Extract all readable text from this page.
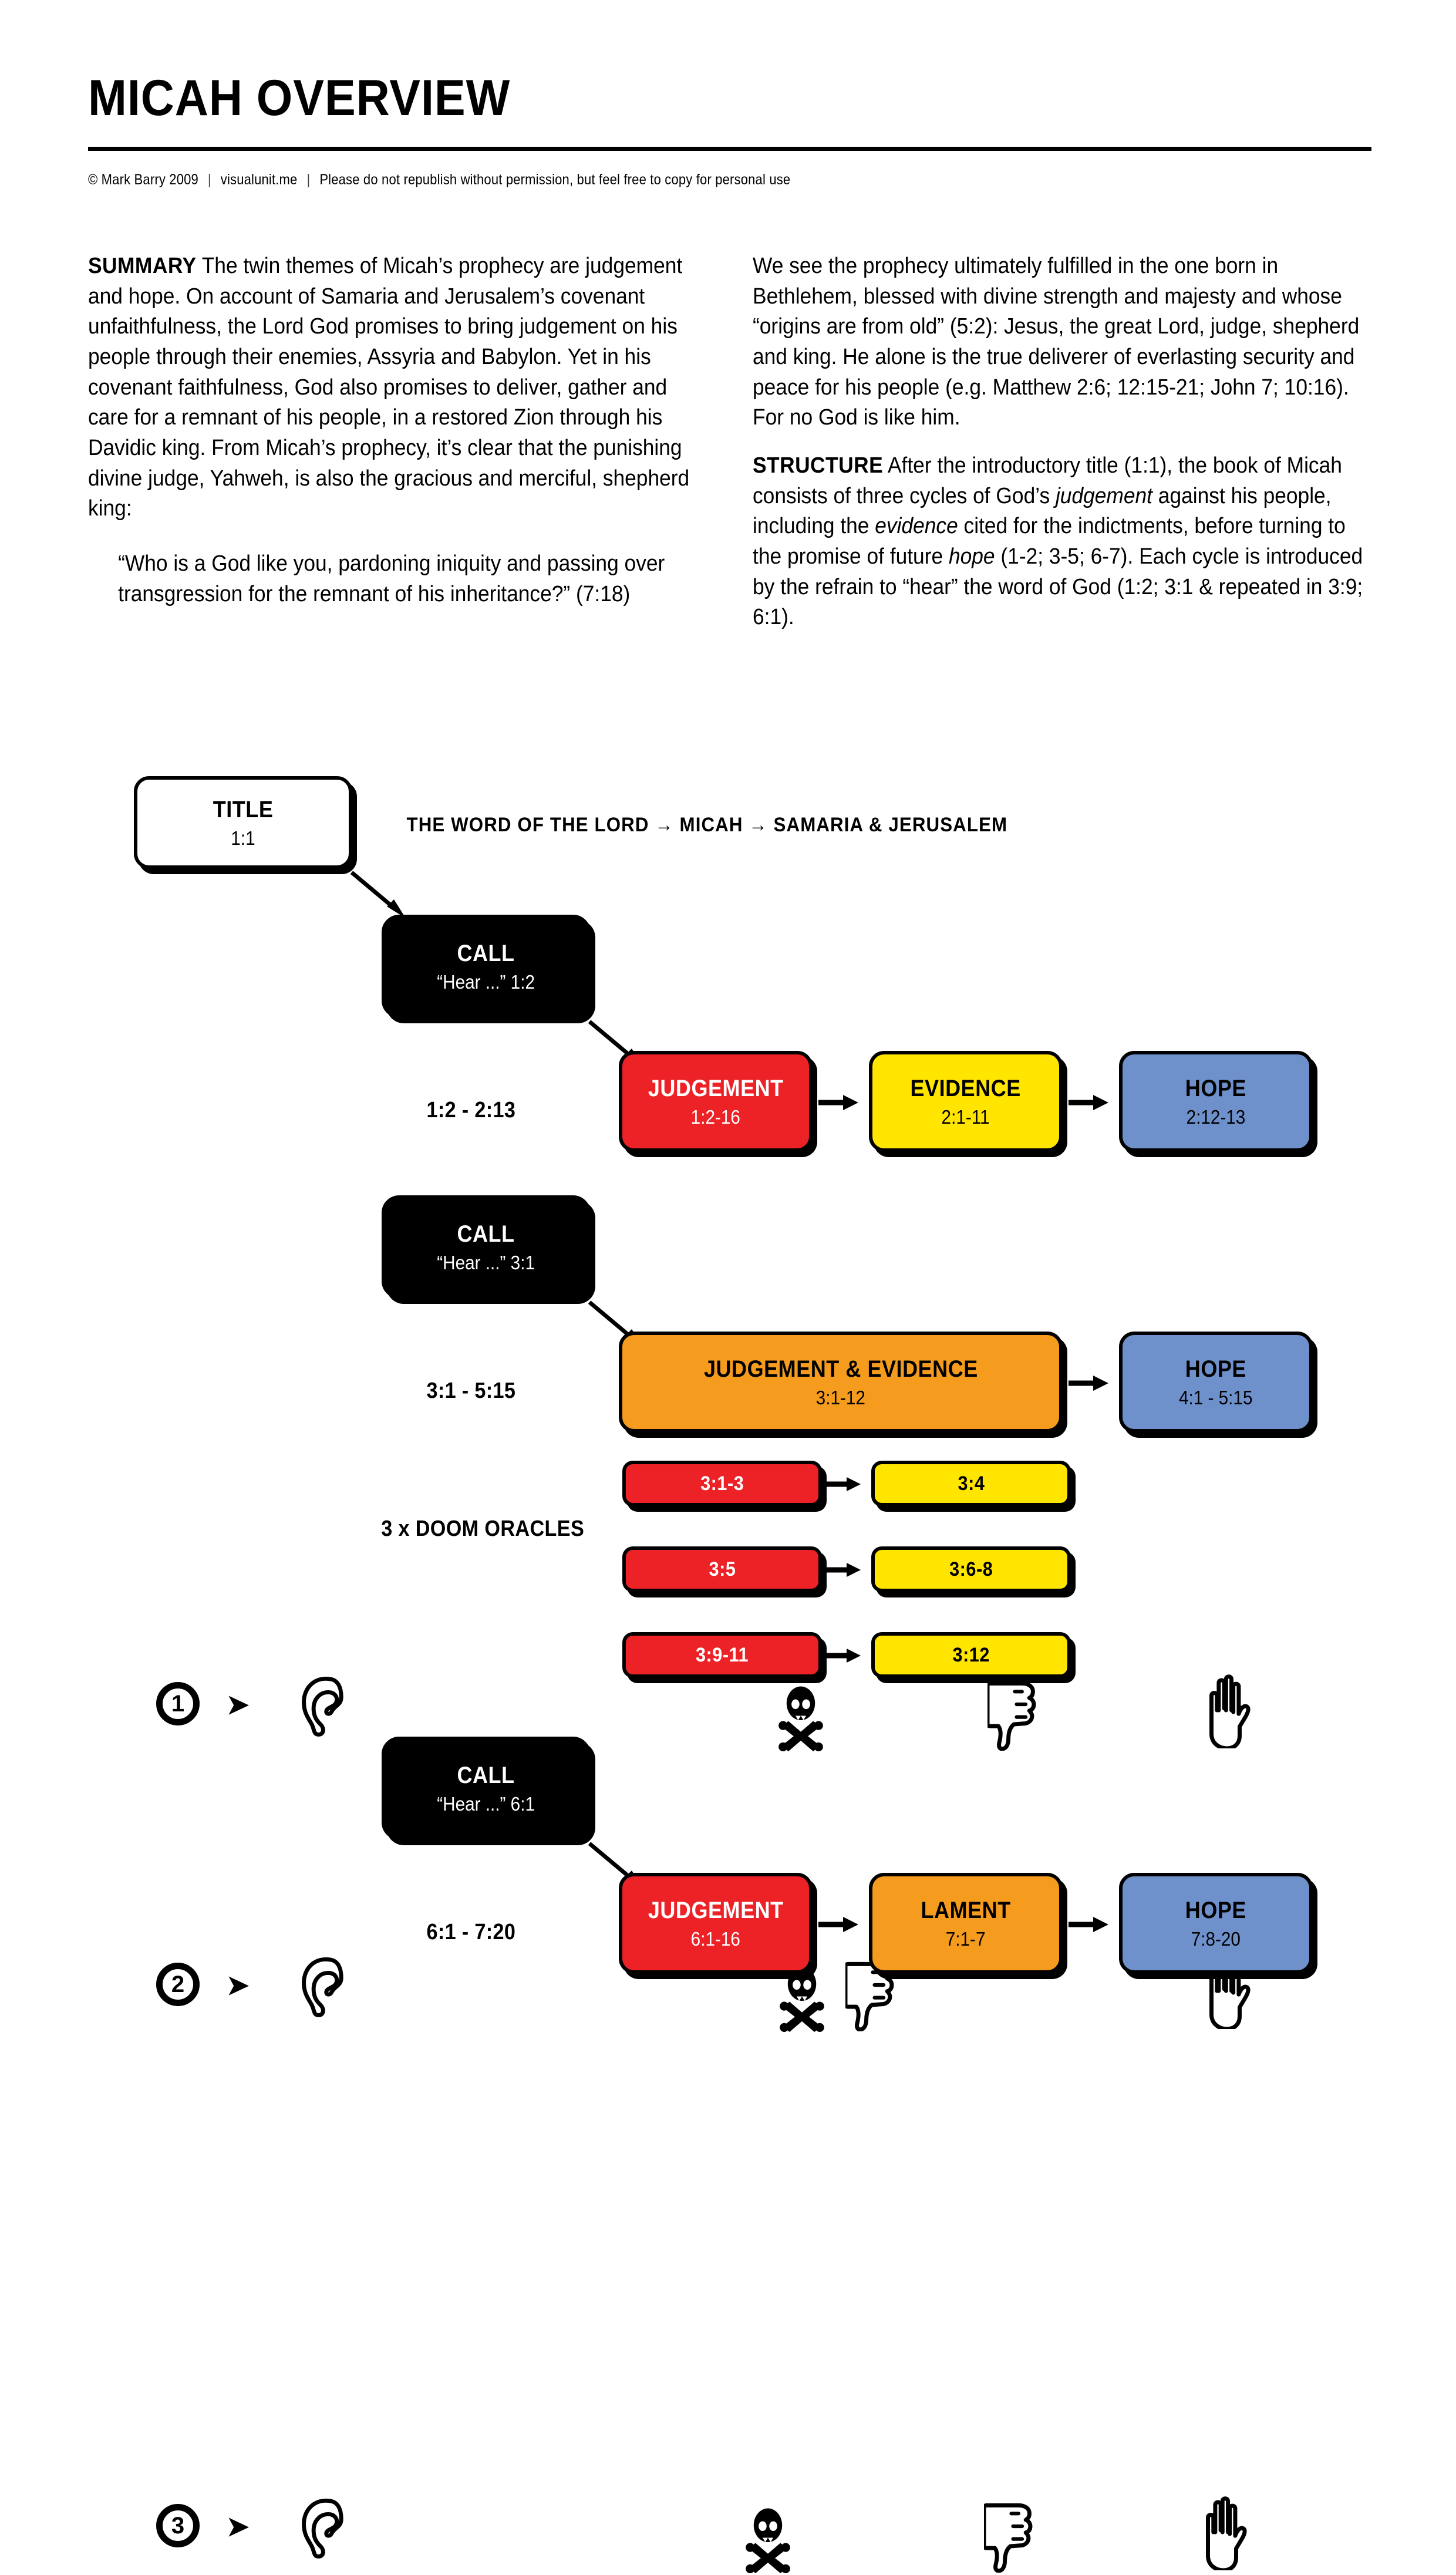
MICAH OVERVIEW
© Mark Barry 2009 | visualunit.me | Please do not republish without permission, but feel free to copy for personal use

SUMMARY The twin themes of Micah’s prophecy are judgement and hope. On account of Samaria and Jerusalem’s covenant unfaithfulness, the Lord God promises to bring judgement on his people through their enemies, Assyria and Babylon. Yet in his covenant faithfulness, God also promises to deliver, gather and care for a remnant of his people, in a restored Zion through his Davidic king. From Micah’s prophecy, it’s clear that the punishing divine judge, Yahweh, is also the gracious and merciful, shepherd king:

“Who is a God like you, pardoning iniquity and passing over transgression for the remnant of his inheritance?” (7:18)

We see the prophecy ultimately fulfilled in the one born in Bethlehem, blessed with divine strength and majesty and whose “origins are from old” (5:2): Jesus, the great Lord, judge, shepherd and king. He alone is the true deliverer of everlasting security and peace for his people (e.g. Matthew 2:6; 12:15-21; John 7; 10:16). For no God is like him.

STRUCTURE After the introductory title (1:1), the book of Micah consists of three cycles of God’s judgement against his people, including the evidence cited for the indictments, before turning to the promise of future hope (1-2; 3-5; 6-7). Each cycle is introduced by the refrain to “hear” the word of God (1:2; 3:1 & repeated in 3:9; 6:1).

TITLE
1:1
THE WORD OF THE LORD → MICAH → SAMARIA & JERUSALEM
1 ➤
CALL
“Hear ...” 1:2
1:2 - 2:13
JUDGEMENT
1:2-16
EVIDENCE
2:1-11
HOPE
2:12-13
2 ➤
CALL
“Hear ...” 3:1
3:1 - 5:15
JUDGEMENT & EVIDENCE
3:1-12
HOPE
4:1 - 5:15
3 x DOOM ORACLES
3:1-3	3:4
3:5	3:6-8
3:9-11	3:12
3 ➤
CALL
“Hear ...” 6:1
6:1 - 7:20
JUDGEMENT
6:1-16
LAMENT
7:1-7
HOPE
7:8-20
